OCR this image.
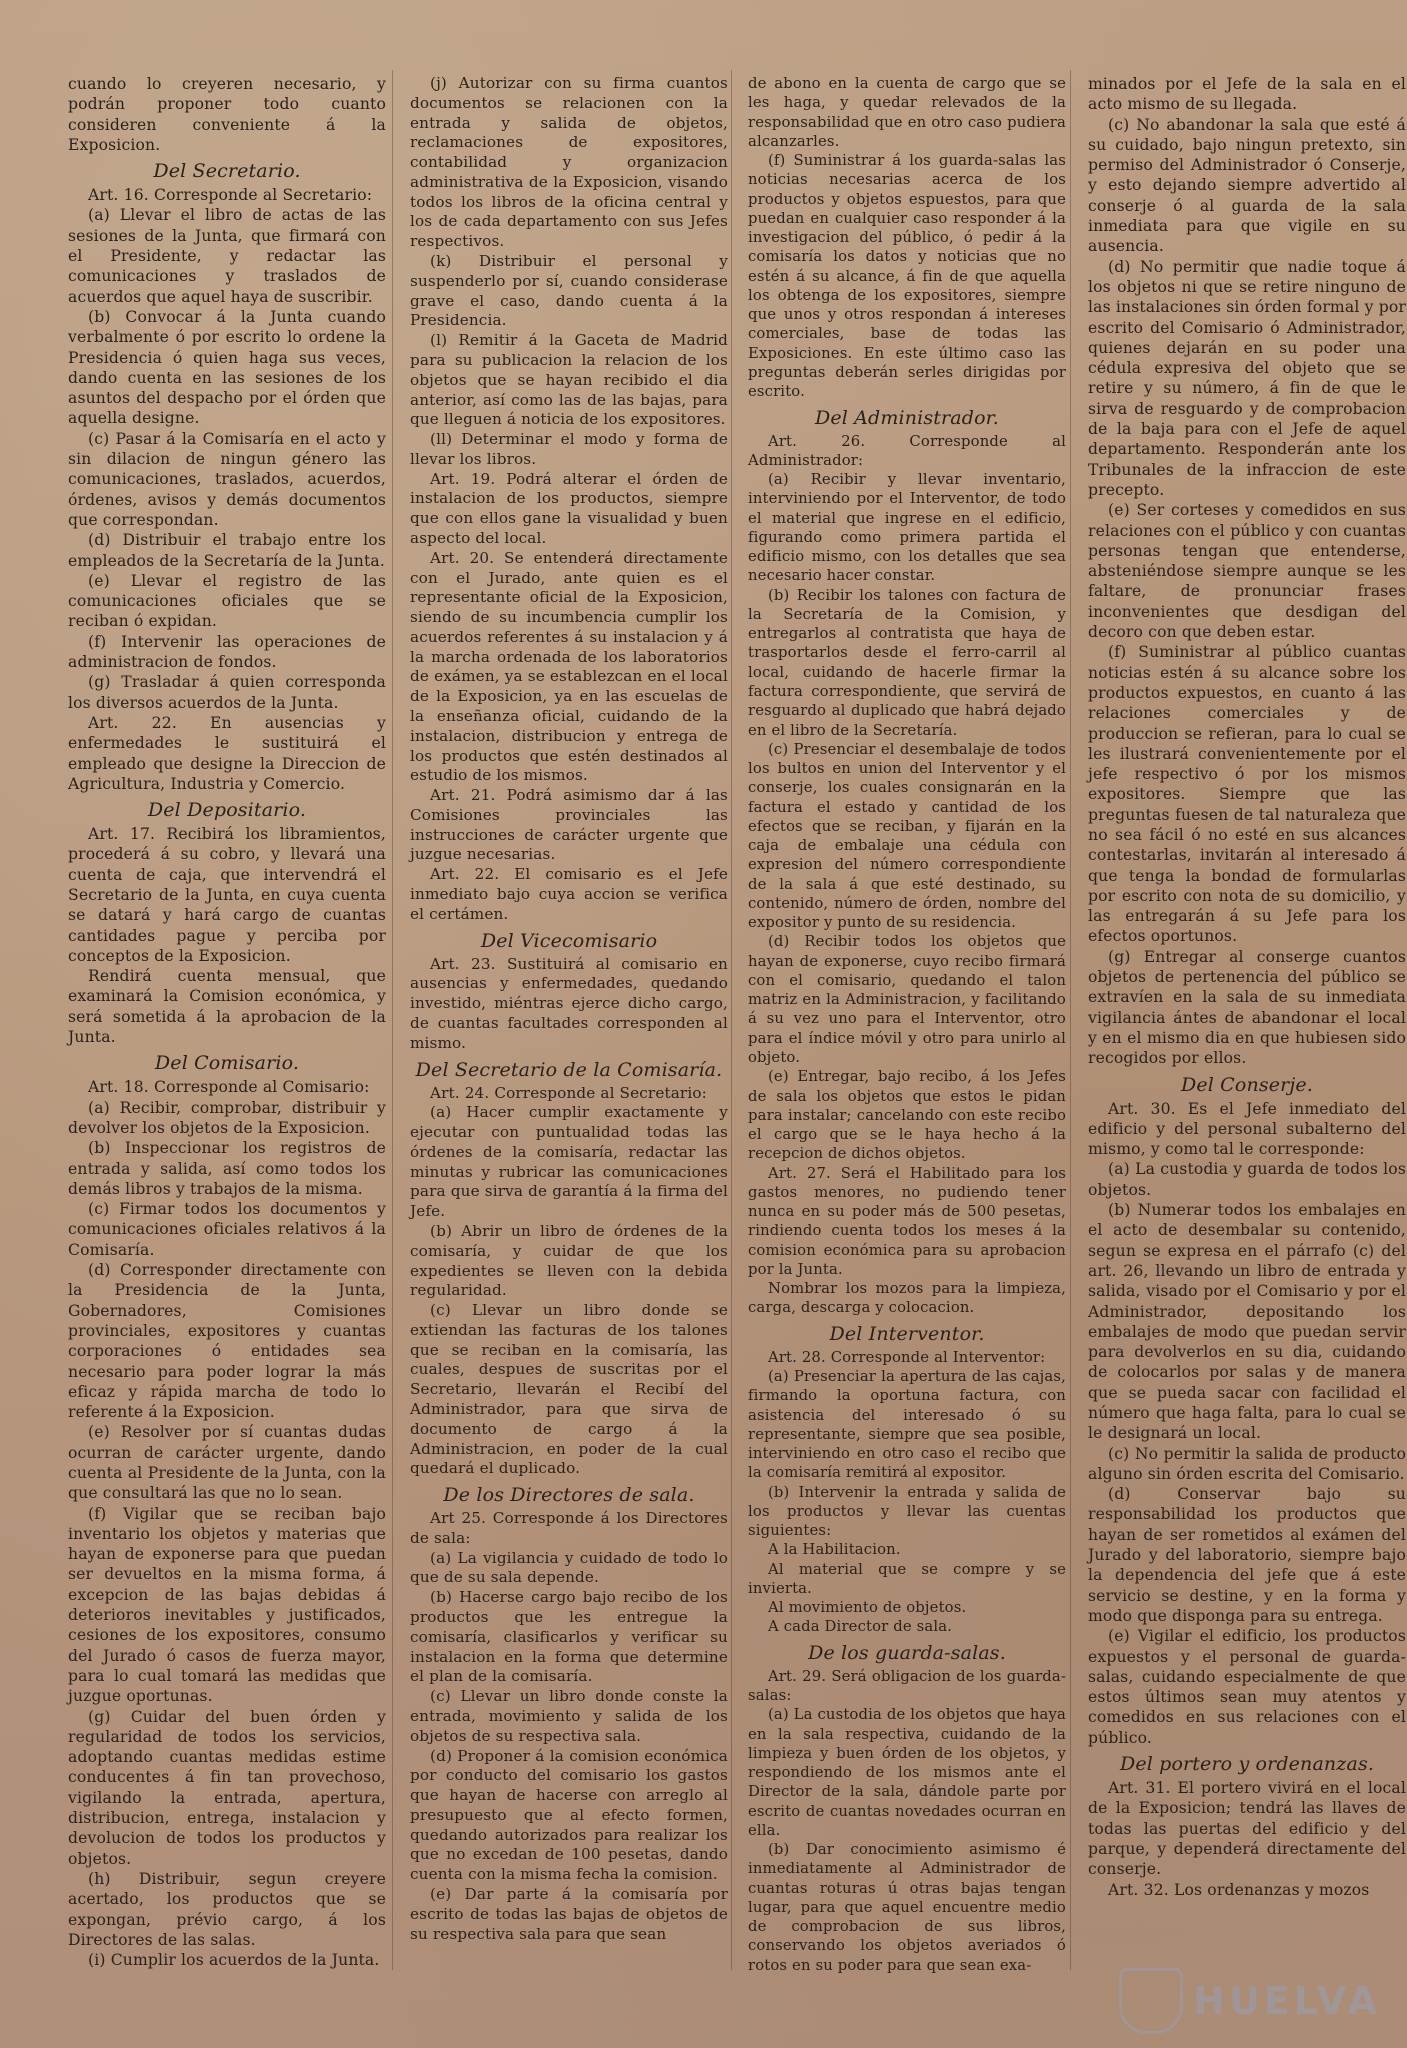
cuando lo creyeren necesario, y podrán proponer todo cuanto consideren conveniente á la Exposicion.

Del Secretario.

Art. 16. Corresponde al Secretario:

(a) Llevar el libro de actas de las sesiones de la Junta, que firmará con el Presidente, y redactar las comunicaciones y traslados de acuerdos que aquel haya de suscribir.

(b) Convocar á la Junta cuando verbalmente ó por escrito lo ordene la Presidencia ó quien haga sus veces, dando cuenta en las sesiones de los asuntos del despacho por el órden que aquella designe.

(c) Pasar á la Comisaría en el acto y sin dilacion de ningun género las comunicaciones, traslados, acuerdos, órdenes, avisos y demás documentos que correspondan.

(d) Distribuir el trabajo entre los empleados de la Secretaría de la Junta.

(e) Llevar el registro de las comunicaciones oficiales que se reciban ó expidan.

(f) Intervenir las operaciones de administracion de fondos.

(g) Trasladar á quien corresponda los diversos acuerdos de la Junta.

Art. 22. En ausencias y enfermedades le sustituirá el empleado que designe la Direccion de Agricultura, Industria y Comercio.

Del Depositario.

Art. 17. Recibirá los libramientos, procederá á su cobro, y llevará una cuenta de caja, que intervendrá el Secretario de la Junta, en cuya cuenta se datará y hará cargo de cuantas cantidades pague y perciba por conceptos de la Exposicion.

Rendirá cuenta mensual, que examinará la Comision económica, y será sometida á la aprobacion de la Junta.

Del Comisario.

Art. 18. Corresponde al Comisario:

(a) Recibir, comprobar, distribuir y devolver los objetos de la Exposicion.

(b) Inspeccionar los registros de entrada y salida, así como todos los demás libros y trabajos de la misma.

(c) Firmar todos los documentos y comunicaciones oficiales relativos á la Comisaría.

(d) Corresponder directamente con la Presidencia de la Junta, Gobernadores, Comisiones provinciales, expositores y cuantas corporaciones ó entidades sea necesario para poder lograr la más eficaz y rápida marcha de todo lo referente á la Exposicion.

(e) Resolver por sí cuantas dudas ocurran de carácter urgente, dando cuenta al Presidente de la Junta, con la que consultará las que no lo sean.

(f) Vigilar que se reciban bajo inventario los objetos y materias que hayan de exponerse para que puedan ser devueltos en la misma forma, á excepcion de las bajas debidas á deterioros inevitables y justificados, cesiones de los expositores, consumo del Jurado ó casos de fuerza mayor, para lo cual tomará las medidas que juzgue oportunas.

(g) Cuidar del buen órden y regularidad de todos los servicios, adoptando cuantas medidas estime conducentes á fin tan provechoso, vigilando la entrada, apertura, distribucion, entrega, instalacion y devolucion de todos los productos y objetos.

(h) Distribuir, segun creyere acertado, los productos que se expongan, prévio cargo, á los Directores de las salas.

(i) Cumplir los acuerdos de la Junta.

(j) Autorizar con su firma cuantos documentos se relacionen con la entrada y salida de objetos, reclamaciones de expositores, contabilidad y organizacion administrativa de la Exposicion, visando todos los libros de la oficina central y los de cada departamento con sus Jefes respectivos.

(k) Distribuir el personal y suspenderlo por sí, cuando considerase grave el caso, dando cuenta á la Presidencia.

(l) Remitir á la Gaceta de Madrid para su publicacion la relacion de los objetos que se hayan recibido el dia anterior, así como las de las bajas, para que lleguen á noticia de los expositores.

(ll) Determinar el modo y forma de llevar los libros.

Art. 19. Podrá alterar el órden de instalacion de los productos, siempre que con ellos gane la visualidad y buen aspecto del local.

Art. 20. Se entenderá directamente con el Jurado, ante quien es el representante oficial de la Exposicion, siendo de su incumbencia cumplir los acuerdos referentes á su instalacion y á la marcha ordenada de los laboratorios de exámen, ya se establezcan en el local de la Exposicion, ya en las escuelas de la enseñanza oficial, cuidando de la instalacion, distribucion y entrega de los productos que estén destinados al estudio de los mismos.

Art. 21. Podrá asimismo dar á las Comisiones provinciales las instrucciones de carácter urgente que juzgue necesarias.

Art. 22. El comisario es el Jefe inmediato bajo cuya accion se verifica el certámen.

Del Vicecomisario

Art. 23. Sustituirá al comisario en ausencias y enfermedades, quedando investido, miéntras ejerce dicho cargo, de cuantas facultades corresponden al mismo.

Del Secretario de la Comisaría.

Art. 24. Corresponde al Secretario:

(a) Hacer cumplir exactamente y ejecutar con puntualidad todas las órdenes de la comisaría, redactar las minutas y rubricar las comunicaciones para que sirva de garantía á la firma del Jefe.

(b) Abrir un libro de órdenes de la comisaría, y cuidar de que los expedientes se lleven con la debida regularidad.

(c) Llevar un libro donde se extiendan las facturas de los talones que se reciban en la comisaría, las cuales, despues de suscritas por el Secretario, llevarán el Recibí del Administrador, para que sirva de documento de cargo á la Administracion, en poder de la cual quedará el duplicado.

De los Directores de sala.

Art 25. Corresponde á los Directores de sala:

(a) La vigilancia y cuidado de todo lo que de su sala depende.

(b) Hacerse cargo bajo recibo de los productos que les entregue la comisaría, clasificarlos y verificar su instalacion en la forma que determine el plan de la comisaría.

(c) Llevar un libro donde conste la entrada, movimiento y salida de los objetos de su respectiva sala.

(d) Proponer á la comision económica por conducto del comisario los gastos que hayan de hacerse con arreglo al presupuesto que al efecto formen, quedando autorizados para realizar los que no excedan de 100 pesetas, dando cuenta con la misma fecha la comision.

(e) Dar parte á la comisaría por escrito de todas las bajas de objetos de su respectiva sala para que sean

de abono en la cuenta de cargo que se les haga, y quedar relevados de la responsabilidad que en otro caso pudiera alcanzarles.

(f) Suministrar á los guarda-salas las noticias necesarias acerca de los productos y objetos espuestos, para que puedan en cualquier caso responder á la investigacion del público, ó pedir á la comisaría los datos y noticias que no estén á su alcance, á fin de que aquella los obtenga de los expositores, siempre que unos y otros respondan á intereses comerciales, base de todas las Exposiciones. En este último caso las preguntas deberán serles dirigidas por escrito.

Del Administrador.

Art. 26. Corresponde al Administrador:

(a) Recibir y llevar inventario, interviniendo por el Interventor, de todo el material que ingrese en el edificio, figurando como primera partida el edificio mismo, con los detalles que sea necesario hacer constar.

(b) Recibir los talones con factura de la Secretaría de la Comision, y entregarlos al contratista que haya de trasportarlos desde el ferro-carril al local, cuidando de hacerle firmar la factura correspondiente, que servirá de resguardo al duplicado que habrá dejado en el libro de la Secretaría.

(c) Presenciar el desembalaje de todos los bultos en union del Interventor y el conserje, los cuales consignarán en la factura el estado y cantidad de los efectos que se reciban, y fijarán en la caja de embalaje una cédula con expresion del número correspondiente de la sala á que esté destinado, su contenido, número de órden, nombre del expositor y punto de su residencia.

(d) Recibir todos los objetos que hayan de exponerse, cuyo recibo firmará con el comisario, quedando el talon matriz en la Administracion, y facilitando á su vez uno para el Interventor, otro para el índice móvil y otro para unirlo al objeto.

(e) Entregar, bajo recibo, á los Jefes de sala los objetos que estos le pidan para instalar; cancelando con este recibo el cargo que se le haya hecho á la recepcion de dichos objetos.

Art. 27. Será el Habilitado para los gastos menores, no pudiendo tener nunca en su poder más de 500 pesetas, rindiendo cuenta todos los meses á la comision económica para su aprobacion por la Junta.

Nombrar los mozos para la limpieza, carga, descarga y colocacion.

Del Interventor.

Art. 28. Corresponde al Interventor:

(a) Presenciar la apertura de las cajas, firmando la oportuna factura, con asistencia del interesado ó su representante, siempre que sea posible, interviniendo en otro caso el recibo que la comisaría remitirá al expositor.

(b) Intervenir la entrada y salida de los productos y llevar las cuentas siguientes:

A la Habilitacion.

Al material que se compre y se invierta.

Al movimiento de objetos.

A cada Director de sala.

De los guarda-salas.

Art. 29. Será obligacion de los guarda-salas:

(a) La custodia de los objetos que haya en la sala respectiva, cuidando de la limpieza y buen órden de los objetos, y respondiendo de los mismos ante el Director de la sala, dándole parte por escrito de cuantas novedades ocurran en ella.

(b) Dar conocimiento asimismo é inmediatamente al Administrador de cuantas roturas ú otras bajas tengan lugar, para que aquel encuentre medio de comprobacion de sus libros, conservando los objetos averiados ó rotos en su poder para que sean exa-

minados por el Jefe de la sala en el acto mismo de su llegada.

(c) No abandonar la sala que esté á su cuidado, bajo ningun pretexto, sin permiso del Administrador ó Conserje, y esto dejando siempre advertido al conserje ó al guarda de la sala inmediata para que vigile en su ausencia.

(d) No permitir que nadie toque á los objetos ni que se retire ninguno de las instalaciones sin órden formal y por escrito del Comisario ó Administrador, quienes dejarán en su poder una cédula expresiva del objeto que se retire y su número, á fin de que le sirva de resguardo y de comprobacion de la baja para con el Jefe de aquel departamento. Responderán ante los Tribunales de la infraccion de este precepto.

(e) Ser corteses y comedidos en sus relaciones con el público y con cuantas personas tengan que entenderse, absteniéndose siempre aunque se les faltare, de pronunciar frases inconvenientes que desdigan del decoro con que deben estar.

(f) Suministrar al público cuantas noticias estén á su alcance sobre los productos expuestos, en cuanto á las relaciones comerciales y de produccion se refieran, para lo cual se les ilustrará convenientemente por el jefe respectivo ó por los mismos expositores. Siempre que las preguntas fuesen de tal naturaleza que no sea fácil ó no esté en sus alcances contestarlas, invitarán al interesado á que tenga la bondad de formularlas por escrito con nota de su domicilio, y las entregarán á su Jefe para los efectos oportunos.

(g) Entregar al conserge cuantos objetos de pertenencia del público se extravíen en la sala de su inmediata vigilancia ántes de abandonar el local y en el mismo dia en que hubiesen sido recogidos por ellos.

Del Conserje.

Art. 30. Es el Jefe inmediato del edificio y del personal subalterno del mismo, y como tal le corresponde:

(a) La custodia y guarda de todos los objetos.

(b) Numerar todos los embalajes en el acto de desembalar su contenido, segun se expresa en el párrafo (c) del art. 26, llevando un libro de entrada y salida, visado por el Comisario y por el Administrador, depositando los embalajes de modo que puedan servir para devolverlos en su dia, cuidando de colocarlos por salas y de manera que se pueda sacar con facilidad el número que haga falta, para lo cual se le designará un local.

(c) No permitir la salida de producto alguno sin órden escrita del Comisario.

(d) Conservar bajo su responsabilidad los productos que hayan de ser rometidos al exámen del Jurado y del laboratorio, siempre bajo la dependencia del jefe que á este servicio se destine, y en la forma y modo que disponga para su entrega.

(e) Vigilar el edificio, los productos expuestos y el personal de guarda-salas, cuidando especialmente de que estos últimos sean muy atentos y comedidos en sus relaciones con el público.

Del portero y ordenanzas.

Art. 31. El portero vivirá en el local de la Exposicion; tendrá las llaves de todas las puertas del edificio y del parque, y dependerá directamente del conserje.

Art. 32. Los ordenanzas y mozos

HUELVA
